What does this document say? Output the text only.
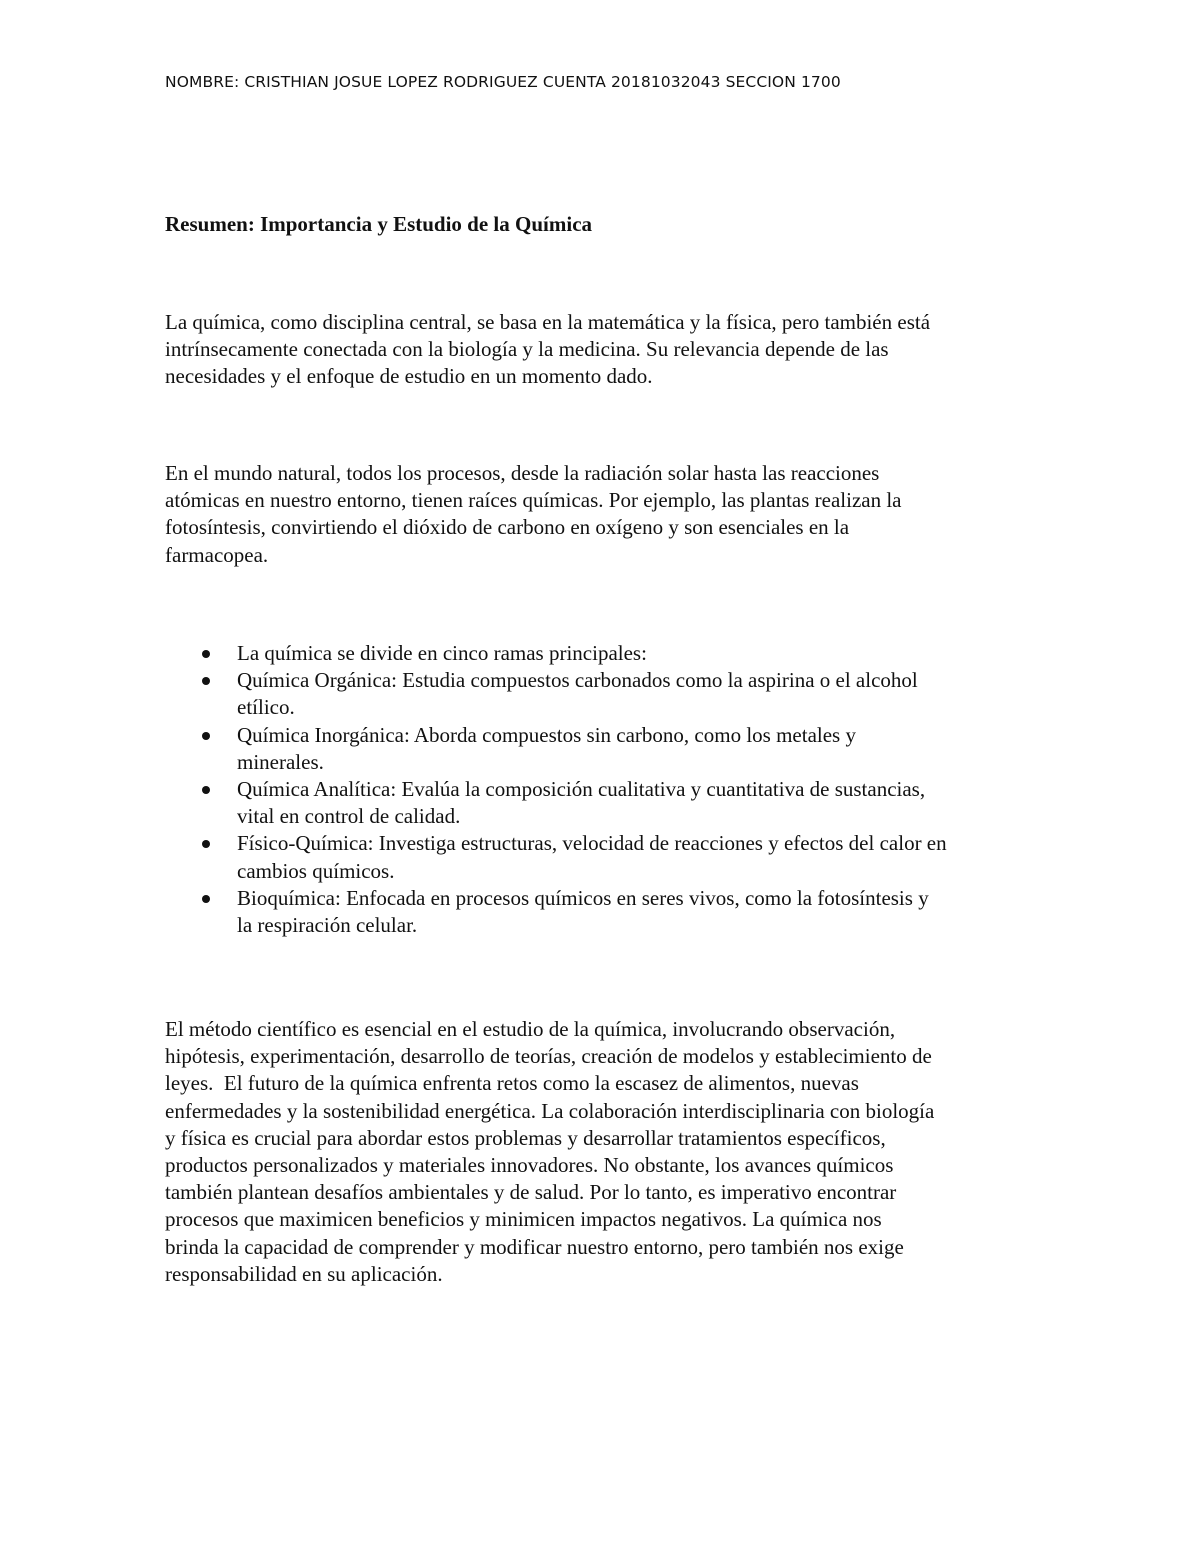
NOMBRE: CRISTHIAN JOSUE LOPEZ RODRIGUEZ CUENTA 20181032043 SECCION 1700
Resumen: Importancia y Estudio de la Química

La química, como disciplina central, se basa en la matemática y la física, pero también está
intrínsecamente conectada con la biología y la medicina. Su relevancia depende de las
necesidades y el enfoque de estudio en un momento dado.

En el mundo natural, todos los procesos, desde la radiación solar hasta las reacciones
atómicas en nuestro entorno, tienen raíces químicas. Por ejemplo, las plantas realizan la
fotosíntesis, convirtiendo el dióxido de carbono en oxígeno y son esenciales en la
farmacopea.

La química se divide en cinco ramas principales:
Química Orgánica: Estudia compuestos carbonados como la aspirina o el alcohol
etílico.
Química Inorgánica: Aborda compuestos sin carbono, como los metales y
minerales.
Química Analítica: Evalúa la composición cualitativa y cuantitativa de sustancias,
vital en control de calidad.
Físico-Química: Investiga estructuras, velocidad de reacciones y efectos del calor en
cambios químicos.
Bioquímica: Enfocada en procesos químicos en seres vivos, como la fotosíntesis y
la respiración celular.

El método científico es esencial en el estudio de la química, involucrando observación,
hipótesis, experimentación, desarrollo de teorías, creación de modelos y establecimiento de
leyes.  El futuro de la química enfrenta retos como la escasez de alimentos, nuevas
enfermedades y la sostenibilidad energética. La colaboración interdisciplinaria con biología
y física es crucial para abordar estos problemas y desarrollar tratamientos específicos,
productos personalizados y materiales innovadores. No obstante, los avances químicos
también plantean desafíos ambientales y de salud. Por lo tanto, es imperativo encontrar
procesos que maximicen beneficios y minimicen impactos negativos. La química nos
brinda la capacidad de comprender y modificar nuestro entorno, pero también nos exige
responsabilidad en su aplicación.
